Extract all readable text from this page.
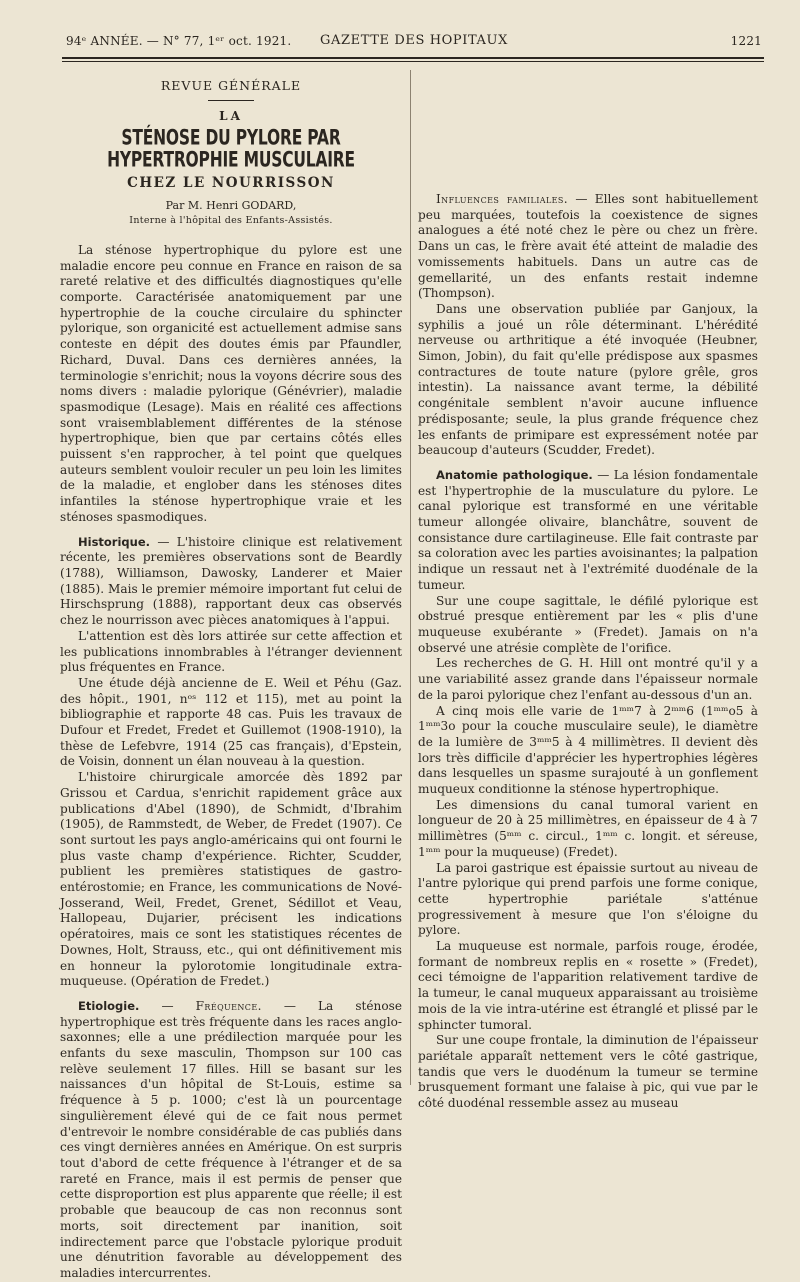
94ᵉ ANNÉE. — N° 77, 1ᵉʳ oct. 1921.	GAZETTE DES HOPITAUX	1221
REVUE GÉNÉRALE
LA
STÉNOSE DU PYLORE PAR HYPERTROPHIE MUSCULAIRE
CHEZ LE NOURRISSON
Par M. Henri GODARD,
Interne à l'hôpital des Enfants-Assistés.

La sténose hypertrophique du pylore est une maladie encore peu connue en France en raison de sa rareté relative et des difficultés diagnostiques qu'elle comporte. Caractérisée anatomiquement par une hypertrophie de la couche circulaire du sphincter pylorique, son organicité est actuellement admise sans conteste en dépit des doutes émis par Pfaundler, Richard, Duval. Dans ces dernières années, la terminologie s'enrichit; nous la voyons décrire sous des noms divers : maladie pylorique (Génévrier), maladie spasmodique (Lesage). Mais en réalité ces affections sont vraisemblablement différentes de la sténose hypertrophique, bien que par certains côtés elles puissent s'en rapprocher, à tel point que quelques auteurs semblent vouloir reculer un peu loin les limites de la maladie, et englober dans les sténoses dites infantiles la sténose hypertrophique vraie et les sténoses spasmodiques.

Historique. — L'histoire clinique est relativement récente, les premières observations sont de Beardly (1788), Williamson, Dawosky, Landerer et Maier (1885). Mais le premier mémoire important fut celui de Hirschsprung (1888), rapportant deux cas observés chez le nourrisson avec pièces anatomiques à l'appui.

L'attention est dès lors attirée sur cette affection et les publications innombrables à l'étranger deviennent plus fréquentes en France.

Une étude déjà ancienne de E. Weil et Péhu (Gaz. des hôpit., 1901, nᵒˢ 112 et 115), met au point la bibliographie et rapporte 48 cas. Puis les travaux de Dufour et Fredet, Fredet et Guillemot (1908-1910), la thèse de Lefebvre, 1914 (25 cas français), d'Epstein, de Voisin, donnent un élan nouveau à la question.

L'histoire chirurgicale amorcée dès 1892 par Grissou et Cardua, s'enrichit rapidement grâce aux publications d'Abel (1890), de Schmidt, d'Ibrahim (1905), de Rammstedt, de Weber, de Fredet (1907). Ce sont surtout les pays anglo-américains qui ont fourni le plus vaste champ d'expérience. Richter, Scudder, publient les premières statistiques de gastro-entérostomie; en France, les communications de Nové-Josserand, Weil, Fredet, Grenet, Sédillot et Veau, Hallopeau, Dujarier, précisent les indications opératoires, mais ce sont les statistiques récentes de Downes, Holt, Strauss, etc., qui ont définitivement mis en honneur la pylorotomie longitudinale extra-muqueuse. (Opération de Fredet.)

Etiologie. — Fréquence. — La sténose hypertrophique est très fréquente dans les races anglo-saxonnes; elle a une prédilection marquée pour les enfants du sexe masculin, Thompson sur 100 cas relève seulement 17 filles. Hill se basant sur les naissances d'un hôpital de St-Louis, estime sa fréquence à 5 p. 1000; c'est là un pourcentage singulièrement élevé qui de ce fait nous permet d'entrevoir le nombre considérable de cas publiés dans ces vingt dernières années en Amérique. On est surpris tout d'abord de cette fréquence à l'étranger et de sa rareté en France, mais il est permis de penser que cette disproportion est plus apparente que réelle; il est probable que beaucoup de cas non reconnus sont morts, soit directement par inanition, soit indirectement parce que l'obstacle pylorique produit une dénutrition favorable au développement des maladies intercurrentes.

Influences familiales. — Elles sont habituellement peu marquées, toutefois la coexistence de signes analogues a été noté chez le père ou chez un frère. Dans un cas, le frère avait été atteint de maladie des vomissements habituels. Dans un autre cas de gemellarité, un des enfants restait indemne (Thompson).

Dans une observation publiée par Ganjoux, la syphilis a joué un rôle déterminant. L'hérédité nerveuse ou arthritique a été invoquée (Heubner, Simon, Jobin), du fait qu'elle prédispose aux spasmes contractures de toute nature (pylore grêle, gros intestin). La naissance avant terme, la débilité congénitale semblent n'avoir aucune influence prédisposante; seule, la plus grande fréquence chez les enfants de primipare est expressément notée par beaucoup d'auteurs (Scudder, Fredet).

Anatomie pathologique. — La lésion fondamentale est l'hypertrophie de la musculature du pylore. Le canal pylorique est transformé en une véritable tumeur allongée olivaire, blanchâtre, souvent de consistance dure cartilagineuse. Elle fait contraste par sa coloration avec les parties avoisinantes; la palpation indique un ressaut net à l'extrémité duodénale de la tumeur.

Sur une coupe sagittale, le défilé pylorique est obstrué presque entièrement par les « plis d'une muqueuse exubérante » (Fredet). Jamais on n'a observé une atrésie complète de l'orifice.

Les recherches de G. H. Hill ont montré qu'il y a une variabilité assez grande dans l'épaisseur normale de la paroi pylorique chez l'enfant au-dessous d'un an.

A cinq mois elle varie de 1ᵐᵐ7 à 2ᵐᵐ6 (1ᵐᵐo5 à 1ᵐᵐ3o pour la couche musculaire seule), le diamètre de la lumière de 3ᵐᵐ5 à 4 millimètres. Il devient dès lors très difficile d'apprécier les hypertrophies légères dans lesquelles un spasme surajouté à un gonflement muqueux conditionne la sténose hypertrophique.

Les dimensions du canal tumoral varient en longueur de 20 à 25 millimètres, en épaisseur de 4 à 7 millimètres (5ᵐᵐ c. circul., 1ᵐᵐ c. longit. et séreuse, 1ᵐᵐ pour la muqueuse) (Fredet).

La paroi gastrique est épaissie surtout au niveau de l'antre pylorique qui prend parfois une forme conique, cette hypertrophie pariétale s'atténue progressivement à mesure que l'on s'éloigne du pylore.

La muqueuse est normale, parfois rouge, érodée, formant de nombreux replis en « rosette » (Fredet), ceci témoigne de l'apparition relativement tardive de la tumeur, le canal muqueux apparaissant au troisième mois de la vie intra-utérine est étranglé et plissé par le sphincter tumoral.

Sur une coupe frontale, la diminution de l'épaisseur pariétale apparaît nettement vers le côté gastrique, tandis que vers le duodénum la tumeur se termine brusquement formant une falaise à pic, qui vue par le côté duodénal ressemble assez au museau
